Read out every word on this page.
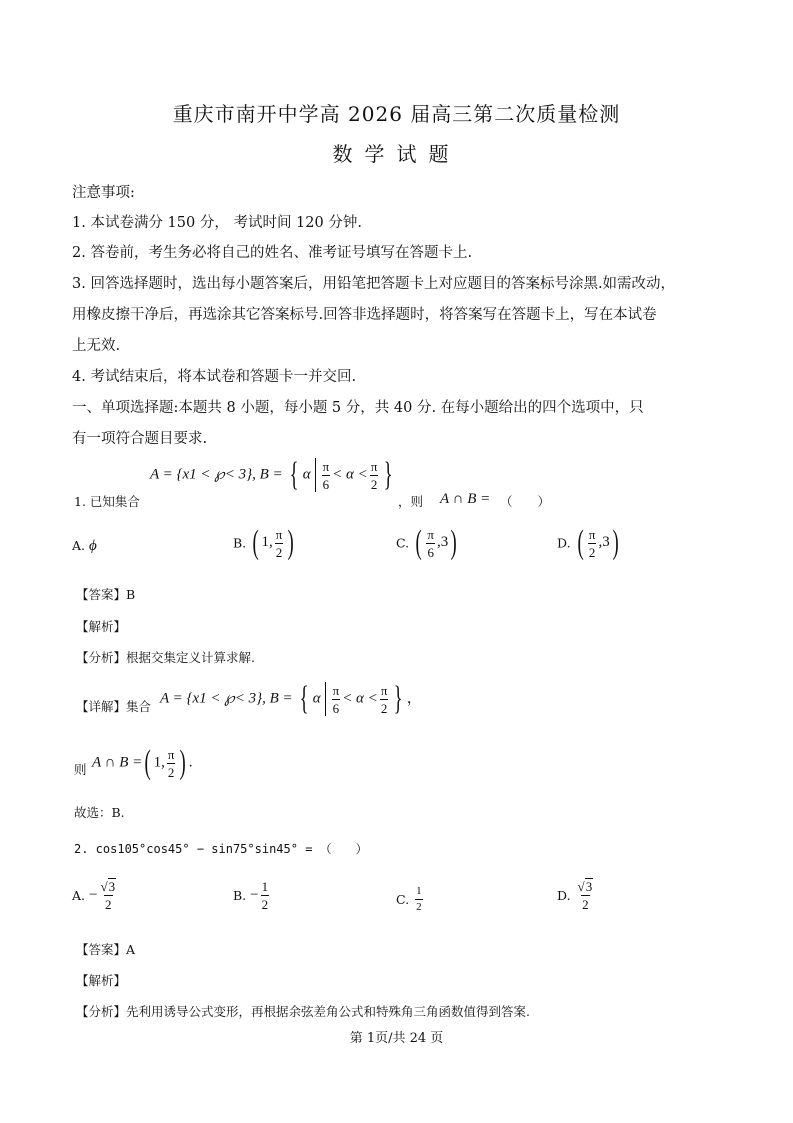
重庆市南开中学高 2026 届高三第二次质量检测
数学试题
注意事项:
1. 本试卷满分 150 分， 考试时间 120 分钟.
2. 答卷前，考生务必将自己的姓名、准考证号填写在答题卡上.
3. 回答选择题时，选出每小题答案后，用铅笔把答题卡上对应题目的答案标号涂黑.如需改动，
用橡皮擦干净后，再选涂其它答案标号.回答非选择题时，将答案写在答题卡上，写在本试卷
上无效.
4. 考试结束后，将本试卷和答题卡一并交回.
一、单项选择题:本题共 8 小题，每小题 5 分，共 40 分. 在每小题给出的四个选项中，只
有一项符合题目要求.
1. 已知集合
A = {x1 < ℘< 3}, B = { α $\frac{\pi}{6} < \alpha < \frac{\pi}{2}$ }
，则 A ∩ B = （　　）
A. ϕ	B. ( 1, $\frac{\pi}{2}$ )	C. ( $\frac{\pi}{6} ,3$)	D. ( $\frac{\pi}{2} ,3$)
【答案】B
【解析】
【分析】根据交集定义计算求解.
【详解】集合
A = {x1 < ℘< 3}, B = { α $\frac{\pi}{6} < \alpha < \frac{\pi}{2}$ } ，
则 A ∩ B =( 1, $\frac{\pi}{2}$ ) .
故选：B.
2. cos105°cos45° − sin75°sin45° = （　　）
A. − $\frac{√3}{2}$	B. − $\frac{1}{2}$	C. $\frac{1}{2}$	D. $\frac{√3}{2}$
【答案】A
【解析】
【分析】先利用诱导公式变形，再根据余弦差角公式和特殊角三角函数值得到答案.
第 1页/共 24 页
